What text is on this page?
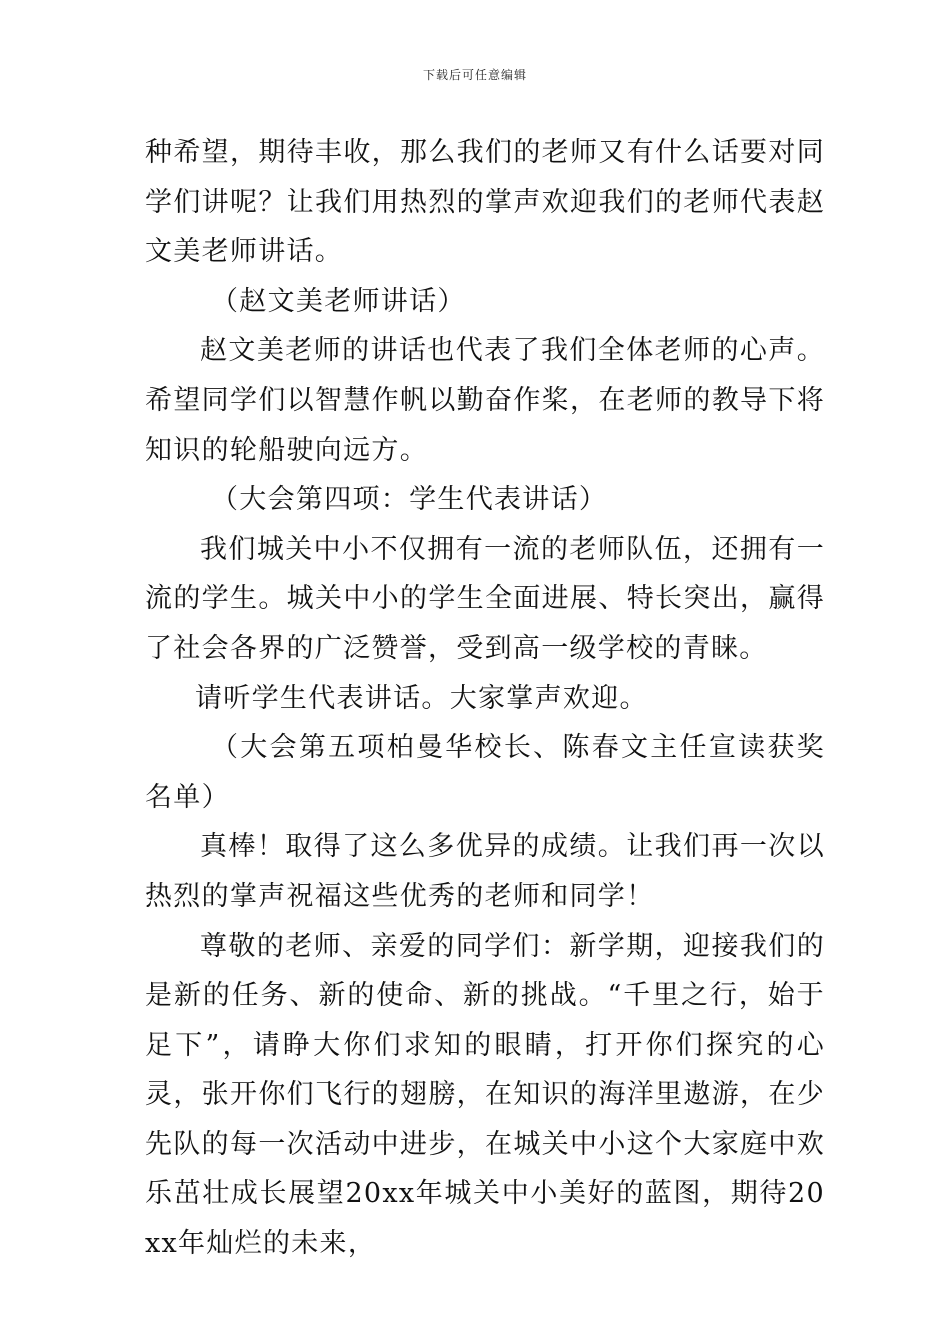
下载后可任意编辑

种希望，期待丰收，那么我们的老师又有什么话要对同学们讲呢？让我们用热烈的掌声欢迎我们的老师代表赵文美老师讲话。

（赵文美老师讲话）

赵文美老师的讲话也代表了我们全体老师的心声。希望同学们以智慧作帆以勤奋作桨，在老师的教导下将知识的轮船驶向远方。

（大会第四项：学生代表讲话）

我们城关中小不仅拥有一流的老师队伍，还拥有一流的学生。城关中小的学生全面进展、特长突出，赢得了社会各界的广泛赞誉，受到高一级学校的青睐。

请听学生代表讲话。大家掌声欢迎。

（大会第五项柏曼华校长、陈春文主任宣读获奖名单）

真棒！取得了这么多优异的成绩。让我们再一次以热烈的掌声祝福这些优秀的老师和同学！

尊敬的老师、亲爱的同学们：新学期，迎接我们的是新的任务、新的使命、新的挑战。“千里之行，始于足下”，请睁大你们求知的眼睛，打开你们探究的心灵，张开你们飞行的翅膀，在知识的海洋里遨游，在少先队的每一次活动中进步，在城关中小这个大家庭中欢乐茁壮成长展望20xx年城关中小美好的蓝图，期待20xx年灿烂的未来，
